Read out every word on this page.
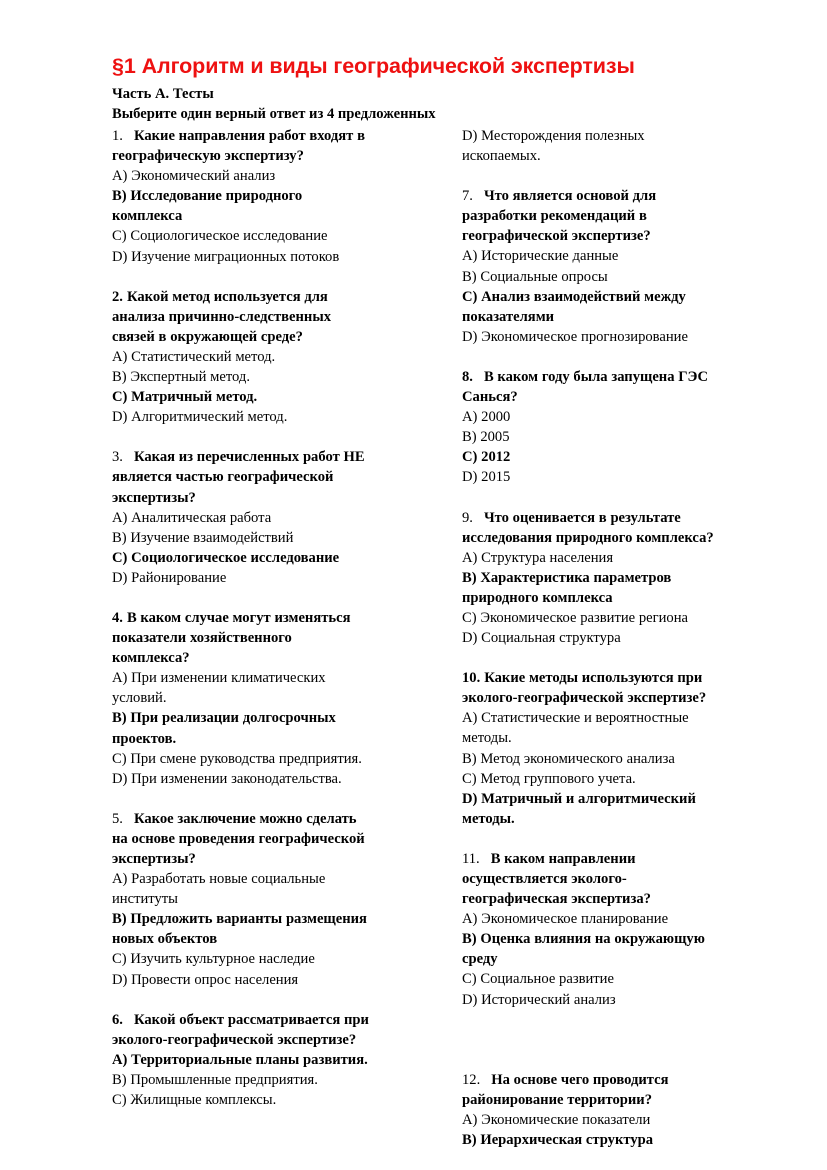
§1 Алгоритм и виды географической экспертизы
Часть А. Тесты
Выберите один верный ответ из 4 предложенных
1. Какие направления работ входят в
географическую экспертизу?
А) Экономический анализ
В) Исследование природного
комплекса
С) Социологическое исследование
D) Изучение миграционных потоков
2. Какой метод используется для
анализа причинно-следственных
связей в окружающей среде?
А) Статистический метод.
В) Экспертный метод.
С) Матричный метод.
D) Алгоритмический метод.
3. Какая из перечисленных работ НЕ
является частью географической
экспертизы?
А) Аналитическая работа
В) Изучение взаимодействий
С) Социологическое исследование
D) Районирование
4. В каком случае могут изменяться
показатели хозяйственного
комплекса?
А) При изменении климатических
условий.
В) При реализации долгосрочных
проектов.
С) При смене руководства предприятия.
D) При изменении законодательства.
5. Какое заключение можно сделать
на основе проведения географической
экспертизы?
А) Разработать новые социальные
институты
В) Предложить варианты размещения
новых объектов
С) Изучить культурное наследие
D) Провести опрос населения
6. Какой объект рассматривается при
эколого-географической экспертизе?
А) Территориальные планы развития.
В) Промышленные предприятия.
С) Жилищные комплексы.
D) Месторождения полезных
ископаемых.
7. Что является основой для
разработки рекомендаций в
географической экспертизе?
А) Исторические данные
В) Социальные опросы
С) Анализ взаимодействий между
показателями
D) Экономическое прогнозирование
8. В каком году была запущена ГЭС
Санься?
А) 2000
В) 2005
С) 2012
D) 2015
9. Что оценивается в результате
исследования природного комплекса?
А) Структура населения
В) Характеристика параметров
природного комплекса
С) Экономическое развитие региона
D) Социальная структура
10. Какие методы используются при
эколого-географической экспертизе?
А) Статистические и вероятностные
методы.
В) Метод экономического анализа
С) Метод группового учета.
D) Матричный и алгоритмический
методы.
11. В каком направлении
осуществляется эколого-
географическая экспертиза?
А) Экономическое планирование
В) Оценка влияния на окружающую
среду
С) Социальное развитие
D) Исторический анализ
12. На основе чего проводится
районирование территории?
А) Экономические показатели
В) Иерархическая структура
